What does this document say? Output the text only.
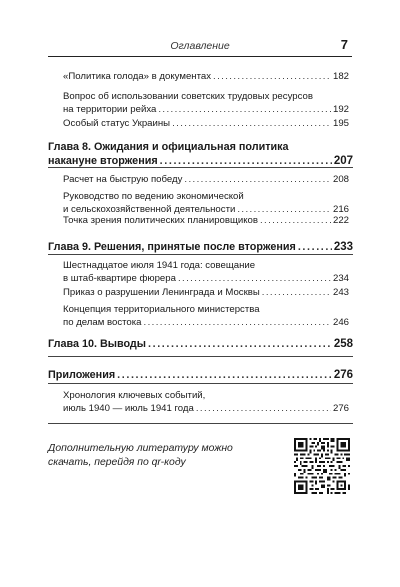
Оглавление	7
«Политика голода» в документах .....	182
Вопрос об использовании советских трудовых ресурсов
на территории рейха .....	192
Особый статус Украины .....	195
Глава 8. Ожидания и официальная политика
накануне вторжения .....	207
Расчет на быструю победу .....	208
Руководство по ведению экономической
и сельскохозяйственной деятельности .....	216
Точка зрения политических планировщиков .....	222
Глава 9. Решения, принятые после вторжения .....	233
Шестнадцатое июля 1941 года: совещание
в штаб-квартире фюрера .....	234
Приказ о разрушении Ленинграда и Москвы .....	243
Концепция территориального министерства
по делам востока .....	246
Глава 10. Выводы .....	258
Приложения .....	276
Хронология ключевых событий,
июль 1940 — июль 1941 года .....	276
Дополнительную литературу можно скачать, перейдя по qr-коду
